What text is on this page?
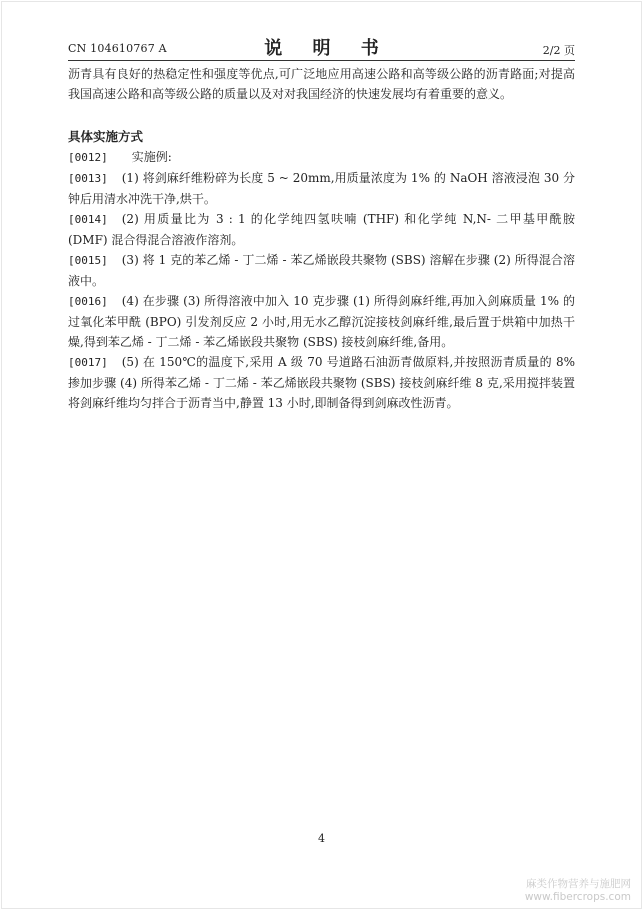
CN 104610767 A	说 明 书	2/2 页

沥青具有良好的热稳定性和强度等优点,可广泛地应用高速公路和高等级公路的沥青路面;对提高我国高速公路和高等级公路的质量以及对对我国经济的快速发展均有着重要的意义。

具体实施方式

[0012] 实施例:

[0013] (1) 将剑麻纤维粉碎为长度 5 ~ 20mm,用质量浓度为 1% 的 NaOH 溶液浸泡 30 分钟后用清水冲洗干净,烘干。

[0014] (2) 用质量比为 3 : 1 的化学纯四氢呋喃 (THF) 和化学纯 N,N- 二甲基甲酰胺 (DMF) 混合得混合溶液作溶剂。

[0015] (3) 将 1 克的苯乙烯 - 丁二烯 - 苯乙烯嵌段共聚物 (SBS) 溶解在步骤 (2) 所得混合溶液中。

[0016] (4) 在步骤 (3) 所得溶液中加入 10 克步骤 (1) 所得剑麻纤维,再加入剑麻质量 1% 的过氧化苯甲酰 (BPO) 引发剂反应 2 小时,用无水乙醇沉淀接枝剑麻纤维,最后置于烘箱中加热干燥,得到苯乙烯 - 丁二烯 - 苯乙烯嵌段共聚物 (SBS) 接枝剑麻纤维,备用。

[0017] (5) 在 150℃的温度下,采用 A 级 70 号道路石油沥青做原料,并按照沥青质量的 8% 掺加步骤 (4) 所得苯乙烯 - 丁二烯 - 苯乙烯嵌段共聚物 (SBS) 接枝剑麻纤维 8 克,采用搅拌装置将剑麻纤维均匀拌合于沥青当中,静置 13 小时,即制备得到剑麻改性沥青。

4
麻类作物营养与施肥网
www.fibercrops.com
